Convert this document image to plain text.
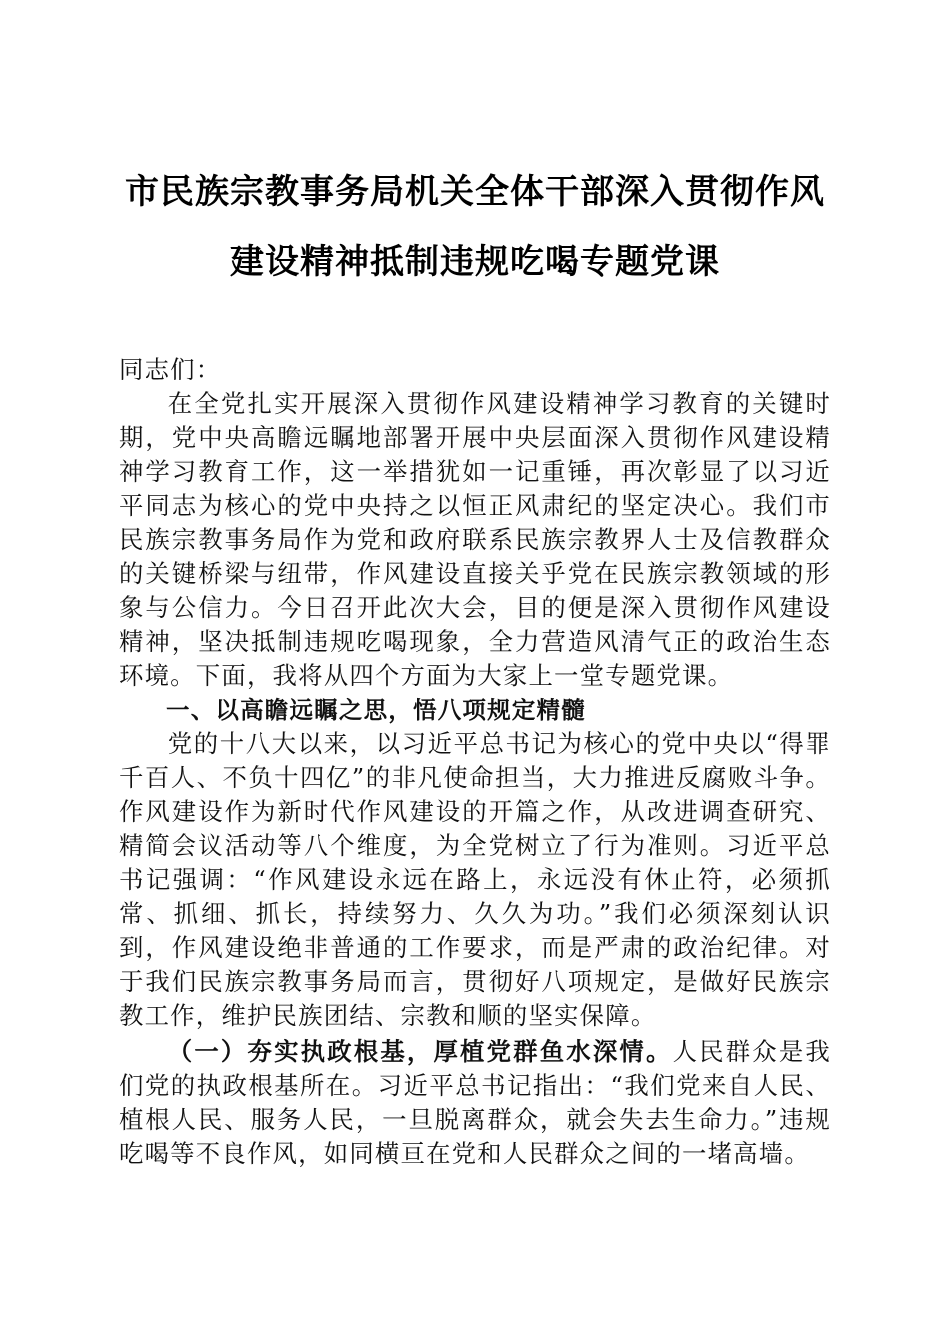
市民族宗教事务局机关全体干部深入贯彻作风
建设精神抵制违规吃喝专题党课

同志们：

在全党扎实开展深入贯彻作风建设精神学习教育的关键时期，党中央高瞻远瞩地部署开展中央层面深入贯彻作风建设精神学习教育工作，这一举措犹如一记重锤，再次彰显了以习近平同志为核心的党中央持之以恒正风肃纪的坚定决心。我们市民族宗教事务局作为党和政府联系民族宗教界人士及信教群众的关键桥梁与纽带，作风建设直接关乎党在民族宗教领域的形象与公信力。今日召开此次大会，目的便是深入贯彻作风建设精神，坚决抵制违规吃喝现象，全力营造风清气正的政治生态环境。下面，我将从四个方面为大家上一堂专题党课。

一、以高瞻远瞩之思，悟八项规定精髓

党的十八大以来，以习近平总书记为核心的党中央以“得罪千百人、不负十四亿”的非凡使命担当，大力推进反腐败斗争。作风建设作为新时代作风建设的开篇之作，从改进调查研究、精简会议活动等八个维度，为全党树立了行为准则。习近平总书记强调：“作风建设永远在路上，永远没有休止符，必须抓常、抓细、抓长，持续努力、久久为功。”我们必须深刻认识到，作风建设绝非普通的工作要求，而是严肃的政治纪律。对于我们民族宗教事务局而言，贯彻好八项规定，是做好民族宗教工作，维护民族团结、宗教和顺的坚实保障。

（一）夯实执政根基，厚植党群鱼水深情。人民群众是我们党的执政根基所在。习近平总书记指出：“我们党来自人民、植根人民、服务人民，一旦脱离群众，就会失去生命力。”违规吃喝等不良作风，如同横亘在党和人民群众之间的一堵高墙。
